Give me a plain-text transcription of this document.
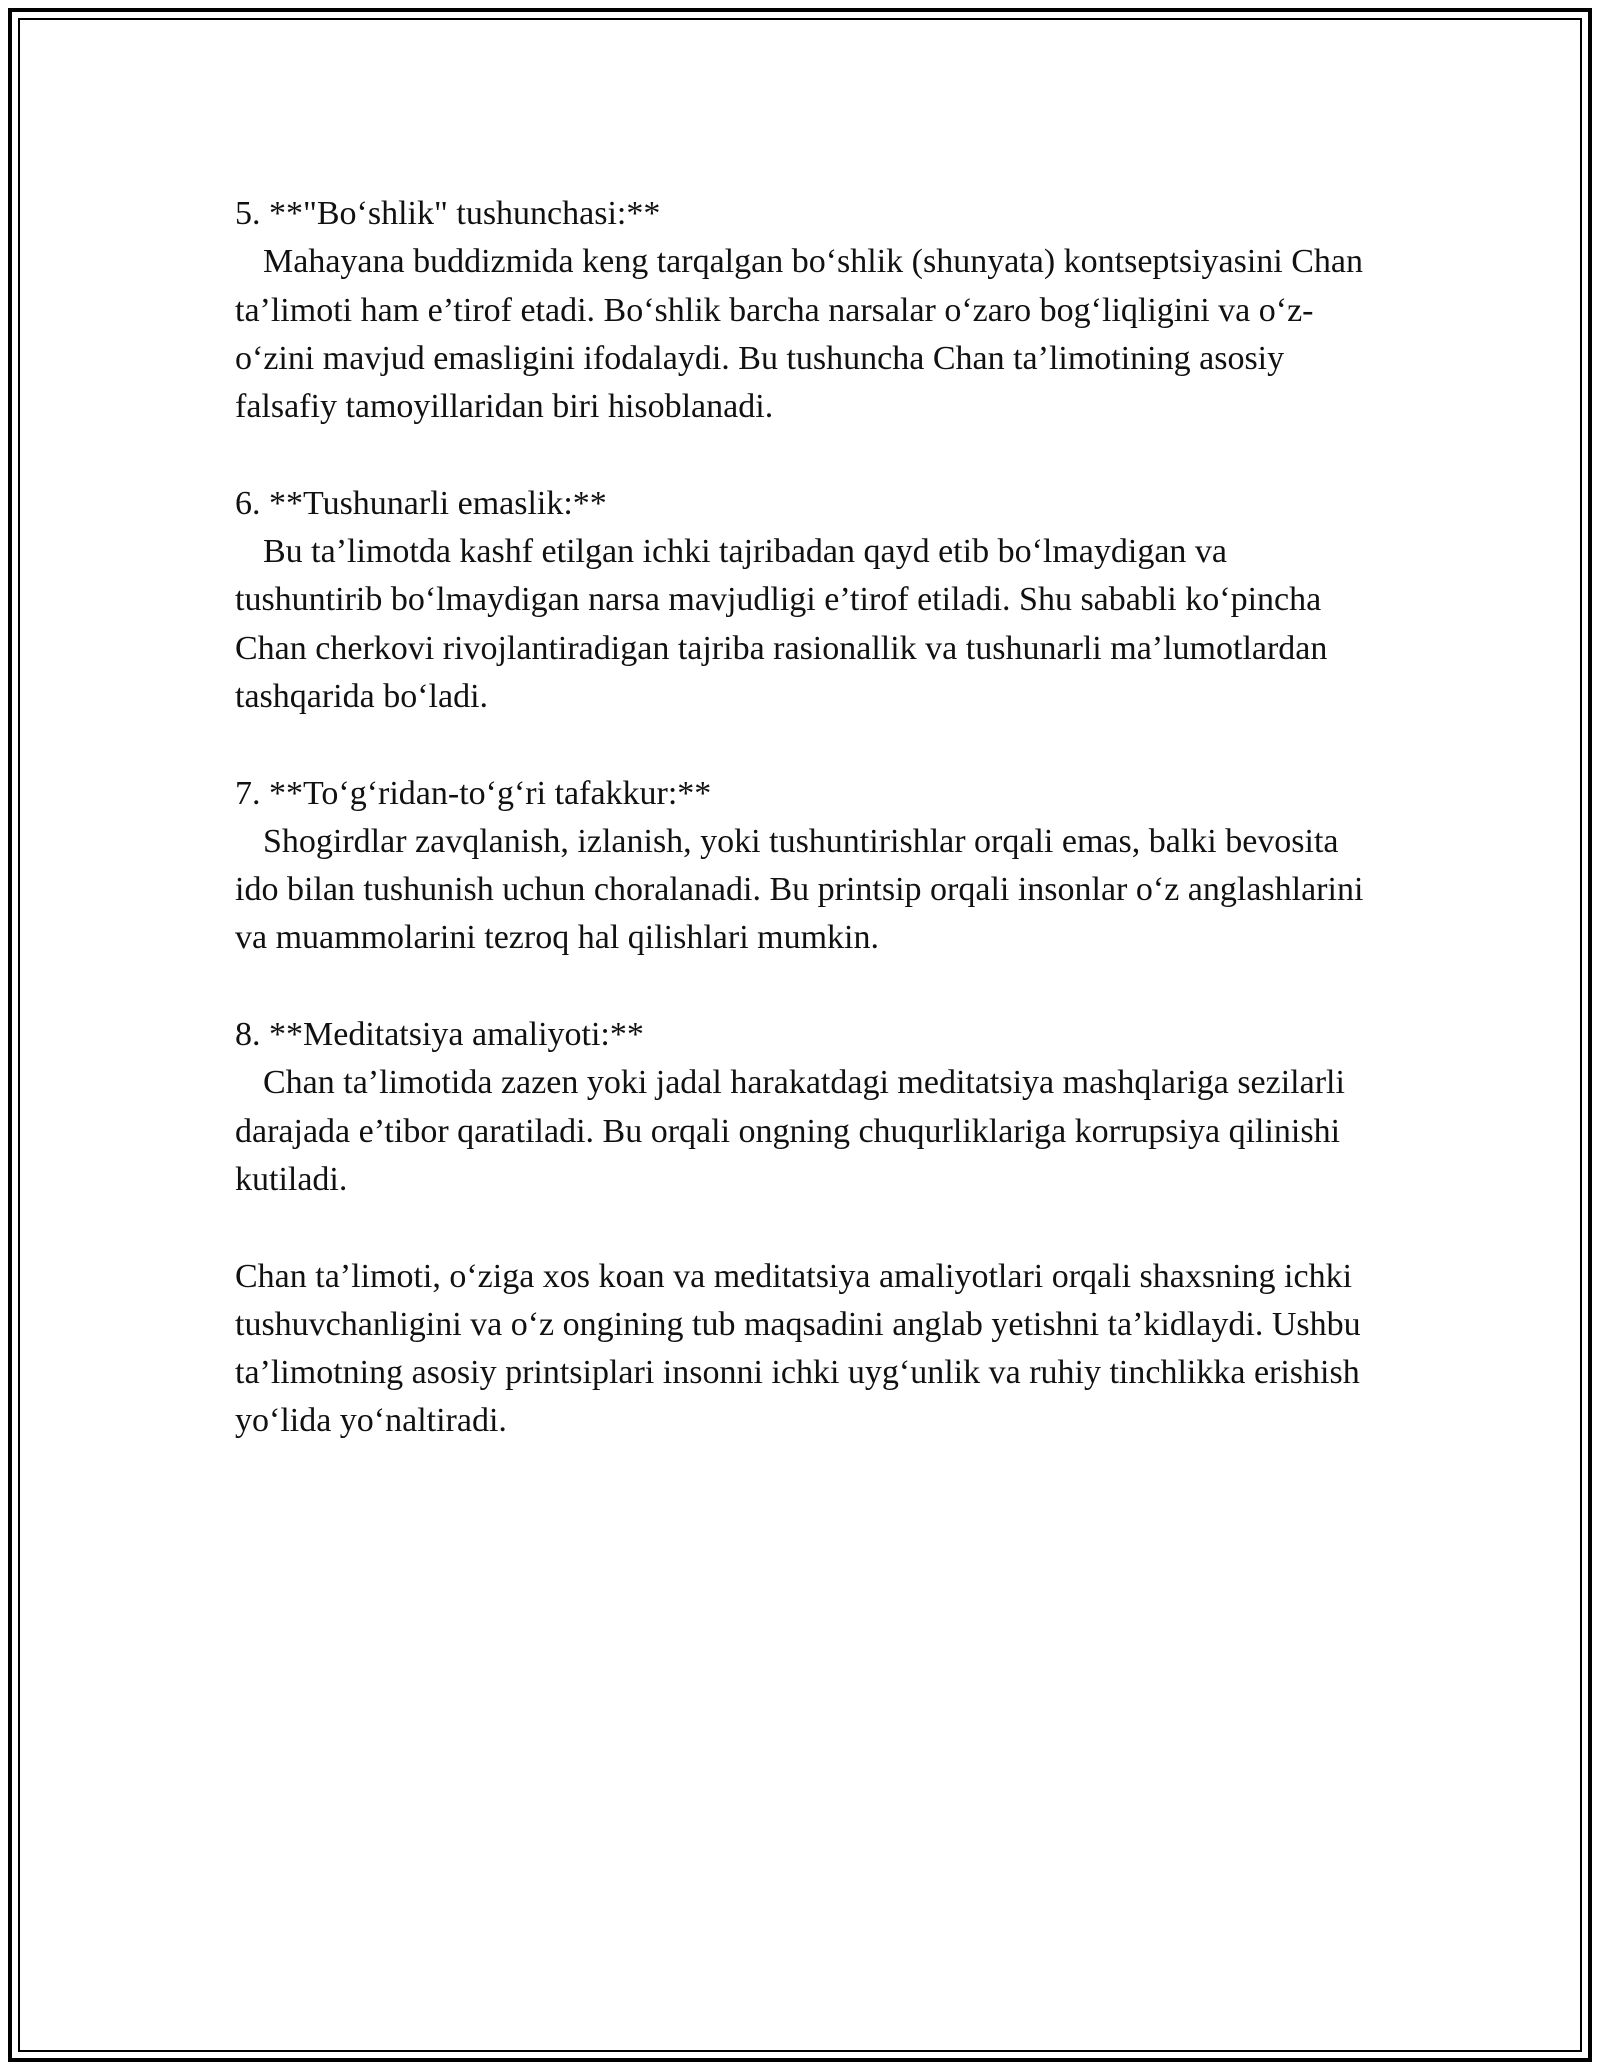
5. **"Bo‘shlik" tushunchasi:**

Mahayana buddizmida keng tarqalgan bo‘shlik (shunyata) kontseptsiyasini Chan ta’limoti ham e’tirof etadi. Bo‘shlik barcha narsalar o‘zaro bog‘liqligini va o‘z-o‘zini mavjud emasligini ifodalaydi. Bu tushuncha Chan ta’limotining asosiy falsafiy tamoyillaridan biri hisoblanadi.

6. **Tushunarli emaslik:**

Bu ta’limotda kashf etilgan ichki tajribadan qayd etib bo‘lmaydigan va tushuntirib bo‘lmaydigan narsa mavjudligi e’tirof etiladi. Shu sababli ko‘pincha Chan cherkovi rivojlantiradigan tajriba rasionallik va tushunarli ma’lumotlardan tashqarida bo‘ladi.

7. **To‘g‘ridan-to‘g‘ri tafakkur:**

Shogirdlar zavqlanish, izlanish, yoki tushuntirishlar orqali emas, balki bevosita ido bilan tushunish uchun choralanadi. Bu printsip orqali insonlar o‘z anglashlarini va muammolarini tezroq hal qilishlari mumkin.

8. **Meditatsiya amaliyoti:**

Chan ta’limotida zazen yoki jadal harakatdagi meditatsiya mashqlariga sezilarli darajada e’tibor qaratiladi. Bu orqali ongning chuqurliklariga korrupsiya qilinishi kutiladi.

Chan ta’limoti, o‘ziga xos koan va meditatsiya amaliyotlari orqali shaxsning ichki tushuvchanligini va o‘z ongining tub maqsadini anglab yetishni ta’kidlaydi. Ushbu ta’limotning asosiy printsiplari insonni ichki uyg‘unlik va ruhiy tinchlikka erishish yo‘lida yo‘naltiradi.
